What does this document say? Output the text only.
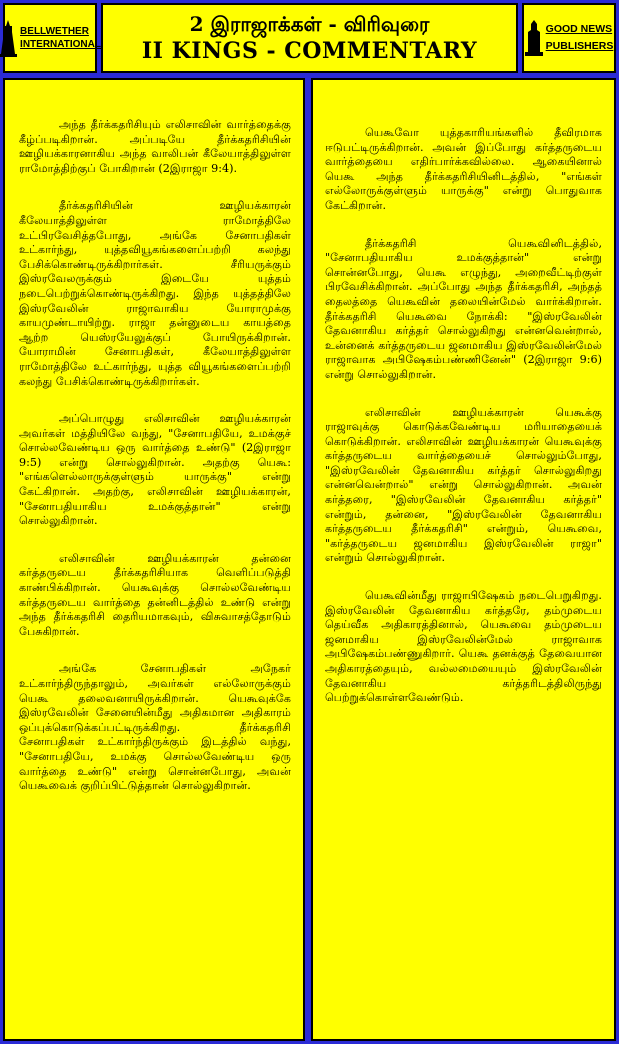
BELLWETHER
INTERNATIONAL
2 இராஜாக்கள் - விரிவுரை
II KINGS - COMMENTARY
GOOD NEWS
PUBLISHERS

அந்த தீர்க்கதரிசியும் எலிசாவின் வார்த்தைக்கு கீழ்ப்படிகிறான். அப்படியே தீர்க்கதரிசியின் ஊழியக்காரனாகிய அந்த வாலிபன் கீலேயாத்திலுள்ள ராமோத்திற்குப் போகிறான் (2இராஜா 9:4).

தீர்க்கதரிசியின் ஊழியக்காரன் கீலேயாத்திலுள்ள ராமோத்திலே உட்பிரவேசித்தபோது, அங்கே சேனாபதிகள் உட்கார்ந்து, யுத்தவியூகங்களைப்பற்றி கலந்து பேசிக்கொண்டிருக்கிறார்கள். சீரியருக்கும் இஸ்ரவேலருக்கும் இடையே யுத்தம் நடைபெற்றுக்கொண்டிருக்கிறது. இந்த யுத்தத்திலே இஸ்ரவேலின் ராஜாவாகிய யோராமுக்கு காயமுண்டாயிற்று. ராஜா தன்னுடைய காயத்தை ஆற்ற யெஸ்ரயேலுக்குப் போயிருக்கிறான். யோராமின் சேனாபதிகள், கீலேயாத்திலுள்ள ராமோத்திலே உட்கார்ந்து, யுத்த வியூகங்களைப்பற்றி கலந்து பேசிக்கொண்டிருக்கிறார்கள்.

அப்பொழுது எலிசாவின் ஊழியக்காரன் அவர்கள் மத்தியிலே வந்து, "சேனாபதியே, உமக்குச் சொல்லவேண்டிய ஒரு வார்த்தை உண்டு" (2இராஜா 9:5) என்று சொல்லுகிறான். அதற்கு யெகூ: "எங்களெல்லாருக்குள்ளும் யாருக்கு" என்று கேட்கிறான். அதற்கு, எலிசாவின் ஊழியக்காரன், "சேனாபதியாகிய உமக்குத்தான்" என்று சொல்லுகிறான்.

எலிசாவின் ஊழியக்காரன் தன்னை கர்த்தருடைய தீர்க்கதரிசியாக வெளிப்படுத்தி காண்பிக்கிறான். யெகூவுக்கு சொல்லவேண்டிய கர்த்தருடைய வார்த்தை தன்னிடத்தில் உண்டு என்று அந்த தீர்க்கதரிசி தைரியமாகவும், விசுவாசத்தோடும் பேசுகிறான்.

அங்கே சேனாபதிகள் அநேகர் உட்கார்ந்திருந்தாலும், அவர்கள் எல்லோருக்கும் யெகூ தலைவனாயிருக்கிறான். யெகூவுக்கே இஸ்ரவேலின் சேனையின்மீது அதிகமான அதிகாரம் ஒப்புக்கொடுக்கப்பட்டிருக்கிறது. தீர்க்கதரிசி சேனாபதிகள் உட்கார்ந்திருக்கும் இடத்தில் வந்து, "சேனாபதியே, உமக்கு சொல்லவேண்டிய ஒரு வார்த்தை உண்டு" என்று சொன்னபோது, அவன் யெகூவைக் குறிப்பிட்டுத்தான் சொல்லுகிறான்.

யெகூவோ யுத்தகாரியங்களில் தீவிரமாக ஈடுபட்டிருக்கிறான். அவன் இப்போது கர்த்தருடைய வார்த்தையை எதிர்பார்க்கவில்லை. ஆகையினால் யெகூ அந்த தீர்க்கதரிசியினிடத்தில், "எங்கள் எல்லோருக்குள்ளும் யாருக்கு" என்று பொதுவாக கேட்கிறான்.

தீர்க்கதரிசி யெகூவினிடத்தில், "சேனாபதியாகிய உமக்குத்தான்" என்று சொன்னபோது, யெகூ எழுந்து, அறைவீட்டிற்குள் பிரவேசிக்கிறான். அப்போது அந்த தீர்க்கதரிசி, அந்தத் தைலத்தை யெகூவின் தலையின்மேல் வார்க்கிறான். தீர்க்கதரிசி யெகூவை நோக்கி: "இஸ்ரவேலின் தேவனாகிய கர்த்தர் சொல்லுகிறது என்னவென்றால், உன்னைக் கர்த்தருடைய ஜனமாகிய இஸ்ரவேலின்மேல் ராஜாவாக அபிஷேகம்பண்ணினேன்" (2இராஜா 9:6) என்று சொல்லுகிறான்.

எலிசாவின் ஊழியக்காரன் யெகூக்கு ராஜாவுக்கு கொடுக்கவேண்டிய மரியாதையைக் கொடுக்கிறான். எலிசாவின் ஊழியக்காரன் யெகூவுக்கு கர்த்தருடைய வார்த்தையைச் சொல்லும்போது, "இஸ்ரவேலின் தேவனாகிய கர்த்தர் சொல்லுகிறது என்னவென்றால்" என்று சொல்லுகிறான். அவன் கர்த்தரை, "இஸ்ரவேலின் தேவனாகிய கர்த்தர்" என்றும், தன்னை, "இஸ்ரவேலின் தேவனாகிய கர்த்தருடைய தீர்க்கதரிசி" என்றும், யெகூவை, "கர்த்தருடைய ஜனமாகிய இஸ்ரவேலின் ராஜா" என்றும் சொல்லுகிறான்.

யெகூவின்மீது ராஜாபிஷேகம் நடைபெறுகிறது. இஸ்ரவேலின் தேவனாகிய கர்த்தரே, தம்முடைய தெய்வீக அதிகாரத்தினால், யெகூவை தம்முடைய ஜனமாகிய இஸ்ரவேலின்மேல் ராஜாவாக அபிஷேகம்பண்ணுகிறார். யெகூ தனக்குத் தேவையான அதிகாரத்தையும், வல்லமையையும் இஸ்ரவேலின் தேவனாகிய கர்த்தரிடத்திலிருந்து பெற்றுக்கொள்ளவேண்டும்.
